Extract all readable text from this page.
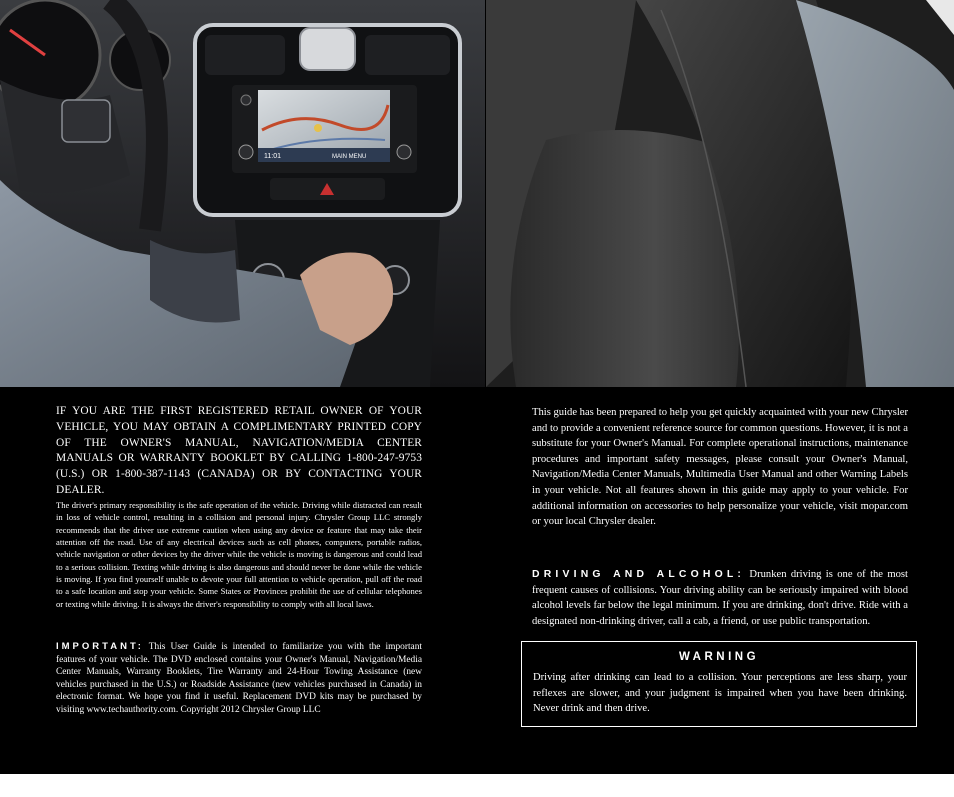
11:01	MAIN MENU

IF YOU ARE THE FIRST REGISTERED RETAIL OWNER OF YOUR VEHICLE, YOU MAY OBTAIN A COMPLIMENTARY PRINTED COPY OF THE OWNER'S MANUAL, NAVIGATION/MEDIA CENTER MANUALS OR WARRANTY BOOKLET BY CALLING 1-800-247-9753 (U.S.) OR 1-800-387-1143 (CANADA) OR BY CONTACTING YOUR DEALER.

The driver's primary responsibility is the safe operation of the vehicle. Driving while distracted can result in loss of vehicle control, resulting in a collision and personal injury. Chrysler Group LLC strongly recommends that the driver use extreme caution when using any device or feature that may take their attention off the road. Use of any electrical devices such as cell phones, computers, portable radios, vehicle navigation or other devices by the driver while the vehicle is moving is dangerous and could lead to a serious collision. Texting while driving is also dangerous and should never be done while the vehicle is moving. If you find yourself unable to devote your full attention to vehicle operation, pull off the road to a safe location and stop your vehicle. Some States or Provinces prohibit the use of cellular telephones or texting while driving. It is always the driver's responsibility to comply with all local laws.

IMPORTANT: This User Guide is intended to familiarize you with the important features of your vehicle. The DVD enclosed contains your Owner's Manual, Navigation/Media Center Manuals, Warranty Booklets, Tire Warranty and 24-Hour Towing Assistance (new vehicles purchased in the U.S.) or Roadside Assistance (new vehicles purchased in Canada) in electronic format. We hope you find it useful. Replacement DVD kits may be purchased by visiting www.techauthority.com. Copyright 2012 Chrysler Group LLC

This guide has been prepared to help you get quickly acquainted with your new Chrysler and to provide a convenient reference source for common questions. However, it is not a substitute for your Owner's Manual. For complete operational instructions, maintenance procedures and important safety messages, please consult your Owner's Manual, Navigation/Media Center Manuals, Multimedia User Manual and other Warning Labels in your vehicle. Not all features shown in this guide may apply to your vehicle. For additional information on accessories to help personalize your vehicle, visit mopar.com or your local Chrysler dealer.

DRIVING AND ALCOHOL: Drunken driving is one of the most frequent causes of collisions. Your driving ability can be seriously impaired with blood alcohol levels far below the legal minimum. If you are drinking, don't drive. Ride with a designated non-drinking driver, call a cab, a friend, or use public transportation.

WARNING
Driving after drinking can lead to a collision. Your perceptions are less sharp, your reflexes are slower, and your judgment is impaired when you have been drinking. Never drink and then drive.
